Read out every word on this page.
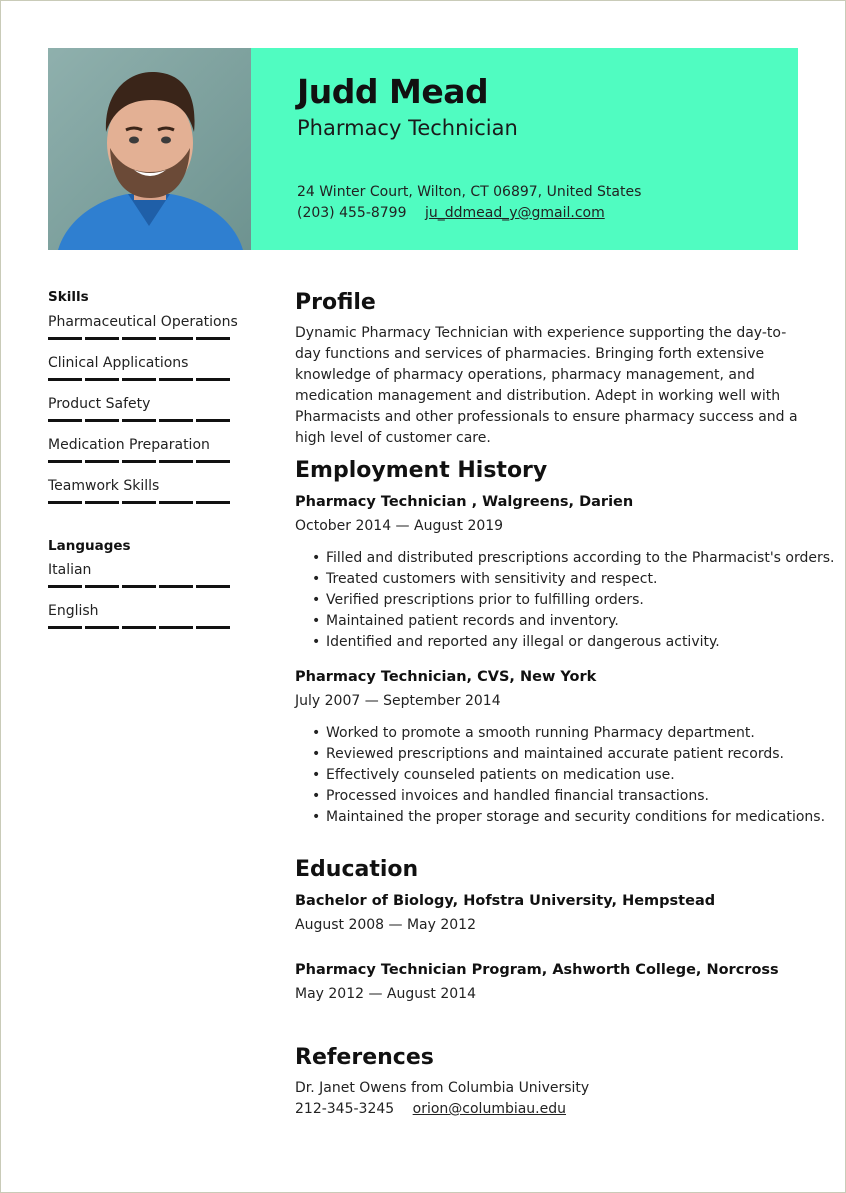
Judd Mead
Pharmacy Technician
24 Winter Court, Wilton, CT 06897, United States
(203) 455-8799 ju_ddmead_y@gmail.com
Skills
Pharmaceutical Operations
Clinical Applications
Product Safety
Medication Preparation
Teamwork Skills
Languages
Italian
English
Profile
Dynamic Pharmacy Technician with experience supporting the day-to-day functions and services of pharmacies. Bringing forth extensive knowledge of pharmacy operations, pharmacy management, and medication management and distribution. Adept in working well with Pharmacists and other professionals to ensure pharmacy success and a high level of customer care.
Employment History
Pharmacy Technician , Walgreens, Darien
October 2014 — August 2019
• Filled and distributed prescriptions according to the Pharmacist's orders.
• Treated customers with sensitivity and respect.
• Verified prescriptions prior to fulfilling orders.
• Maintained patient records and inventory.
• Identified and reported any illegal or dangerous activity.
Pharmacy Technician, CVS, New York
July 2007 — September 2014
• Worked to promote a smooth running Pharmacy department.
• Reviewed prescriptions and maintained accurate patient records.
• Effectively counseled patients on medication use.
• Processed invoices and handled financial transactions.
• Maintained the proper storage and security conditions for medications.
Education
Bachelor of Biology, Hofstra University, Hempstead
August 2008 — May 2012
Pharmacy Technician Program, Ashworth College, Norcross
May 2012 — August 2014
References
Dr. Janet Owens from Columbia University
212-345-3245 orion@columbiau.edu
